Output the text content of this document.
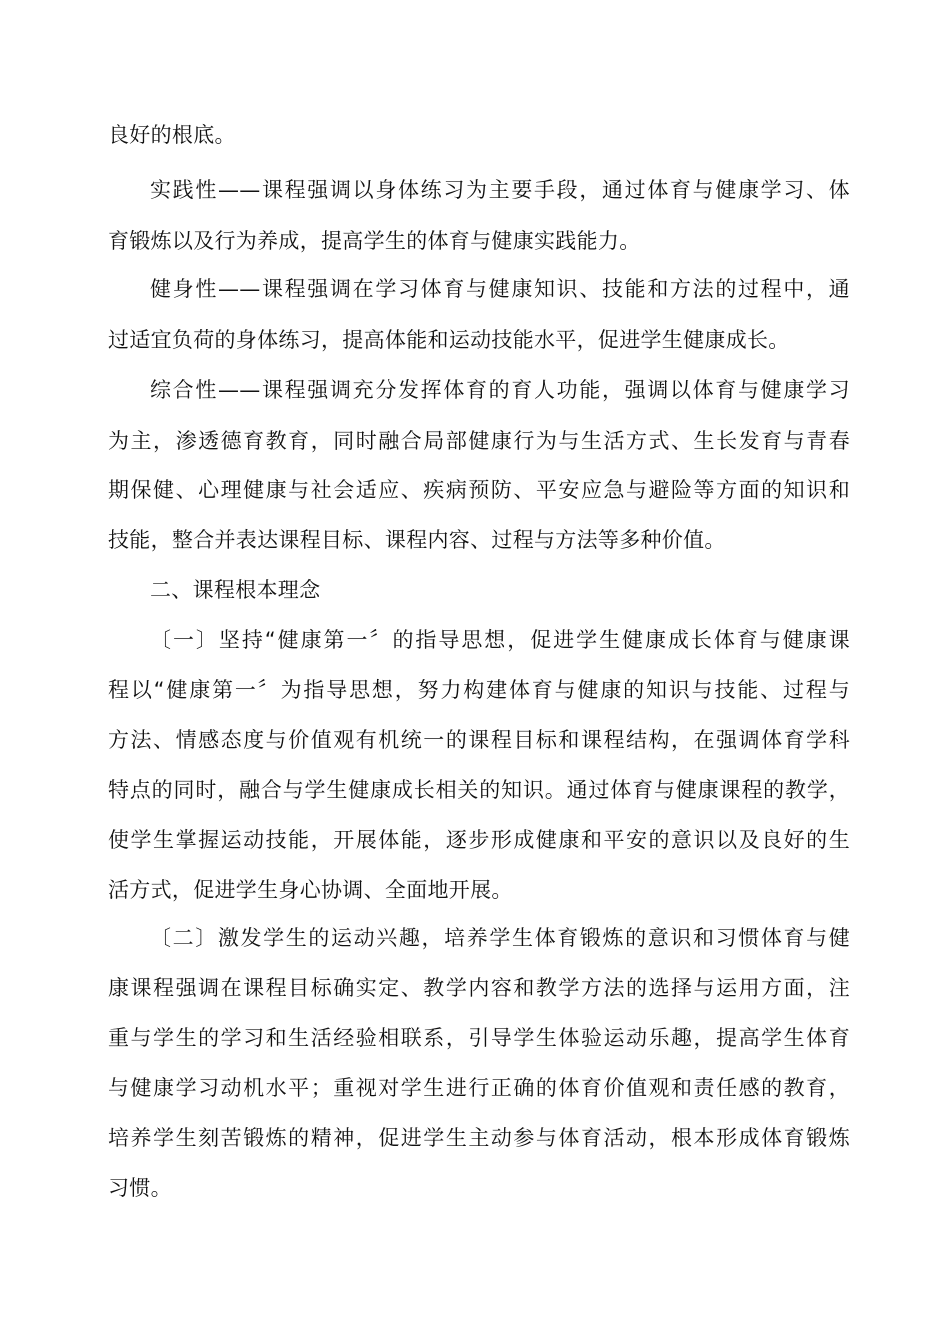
良好的根底。
实践性——课程强调以身体练习为主要手段，通过体育与健康学习、体
育锻炼以及行为养成，提高学生的体育与健康实践能力。
健身性——课程强调在学习体育与健康知识、技能和方法的过程中，通
过适宜负荷的身体练习，提高体能和运动技能水平，促进学生健康成长。
综合性——课程强调充分发挥体育的育人功能，强调以体育与健康学习
为主，渗透德育教育，同时融合局部健康行为与生活方式、生长发育与青春
期保健、心理健康与社会适应、疾病预防、平安应急与避险等方面的知识和
技能，整合并表达课程目标、课程内容、过程与方法等多种价值。
二、课程根本理念
〔一〕坚持“健康第一〞的指导思想，促进学生健康成长体育与健康课
程以“健康第一〞为指导思想，努力构建体育与健康的知识与技能、过程与
方法、情感态度与价值观有机统一的课程目标和课程结构，在强调体育学科
特点的同时，融合与学生健康成长相关的知识。通过体育与健康课程的教学，
使学生掌握运动技能，开展体能，逐步形成健康和平安的意识以及良好的生
活方式，促进学生身心协调、全面地开展。
〔二〕激发学生的运动兴趣，培养学生体育锻炼的意识和习惯体育与健
康课程强调在课程目标确实定、教学内容和教学方法的选择与运用方面，注
重与学生的学习和生活经验相联系，引导学生体验运动乐趣，提高学生体育
与健康学习动机水平；重视对学生进行正确的体育价值观和责任感的教育，
培养学生刻苦锻炼的精神，促进学生主动参与体育活动，根本形成体育锻炼
习惯。
